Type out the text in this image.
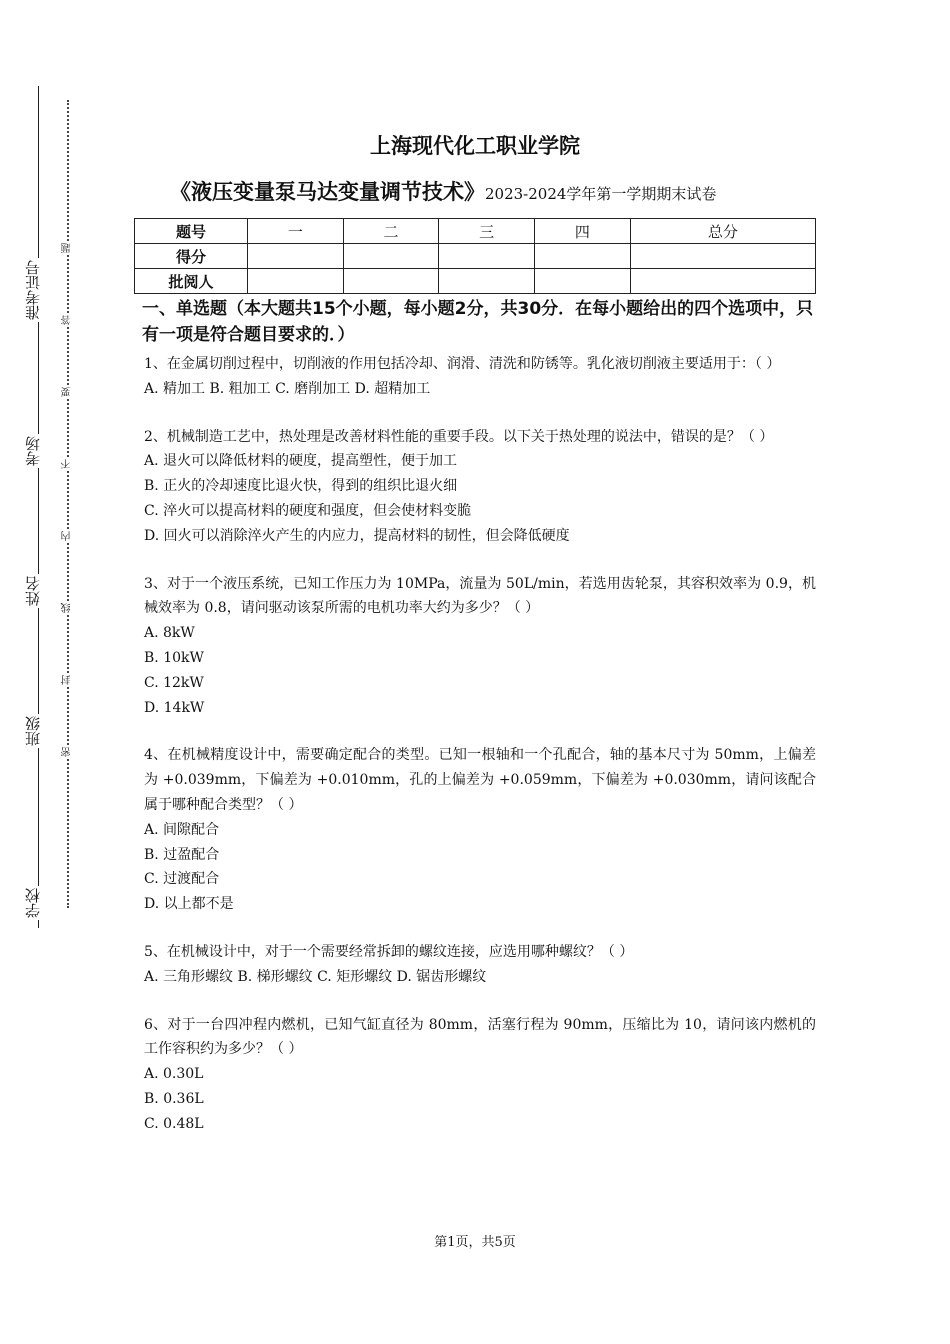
准考证号
考场
姓名
班级
学校
题
答
要
不
内
线
封
密
上海现代化工职业学院
《液压变量泵马达变量调节技术》2023-2024学年第一学期期末试卷
题号	一	二	三	四	总分
得分					
批阅人					
一、单选题（本大题共15个小题，每小题2分，共30分．在每小题给出的四个选项中，只有一项是符合题目要求的．）
1、在金属切削过程中，切削液的作用包括冷却、润滑、清洗和防锈等。乳化液切削液主要适用于：（ ）
A. 精加工 B. 粗加工 C. 磨削加工 D. 超精加工
2、机械制造工艺中，热处理是改善材料性能的重要手段。以下关于热处理的说法中，错误的是？（ ）
A. 退火可以降低材料的硬度，提高塑性，便于加工
B. 正火的冷却速度比退火快，得到的组织比退火细
C. 淬火可以提高材料的硬度和强度，但会使材料变脆
D. 回火可以消除淬火产生的内应力，提高材料的韧性，但会降低硬度
3、对于一个液压系统，已知工作压力为 10MPa，流量为 50L/min，若选用齿轮泵，其容积效率为 0.9，机械效率为 0.8，请问驱动该泵所需的电机功率大约为多少？（ ）
A. 8kW
B. 10kW
C. 12kW
D. 14kW
4、在机械精度设计中，需要确定配合的类型。已知一根轴和一个孔配合，轴的基本尺寸为 50mm，上偏差为 +0.039mm，下偏差为 +0.010mm，孔的上偏差为 +0.059mm，下偏差为 +0.030mm，请问该配合属于哪种配合类型？（ ）
A. 间隙配合
B. 过盈配合
C. 过渡配合
D. 以上都不是
5、在机械设计中，对于一个需要经常拆卸的螺纹连接，应选用哪种螺纹？（ ）
A. 三角形螺纹 B. 梯形螺纹 C. 矩形螺纹 D. 锯齿形螺纹
6、对于一台四冲程内燃机，已知气缸直径为 80mm，活塞行程为 90mm，压缩比为 10，请问该内燃机的工作容积约为多少？（ ）
A. 0.30L
B. 0.36L
C. 0.48L
第1页，共5页
